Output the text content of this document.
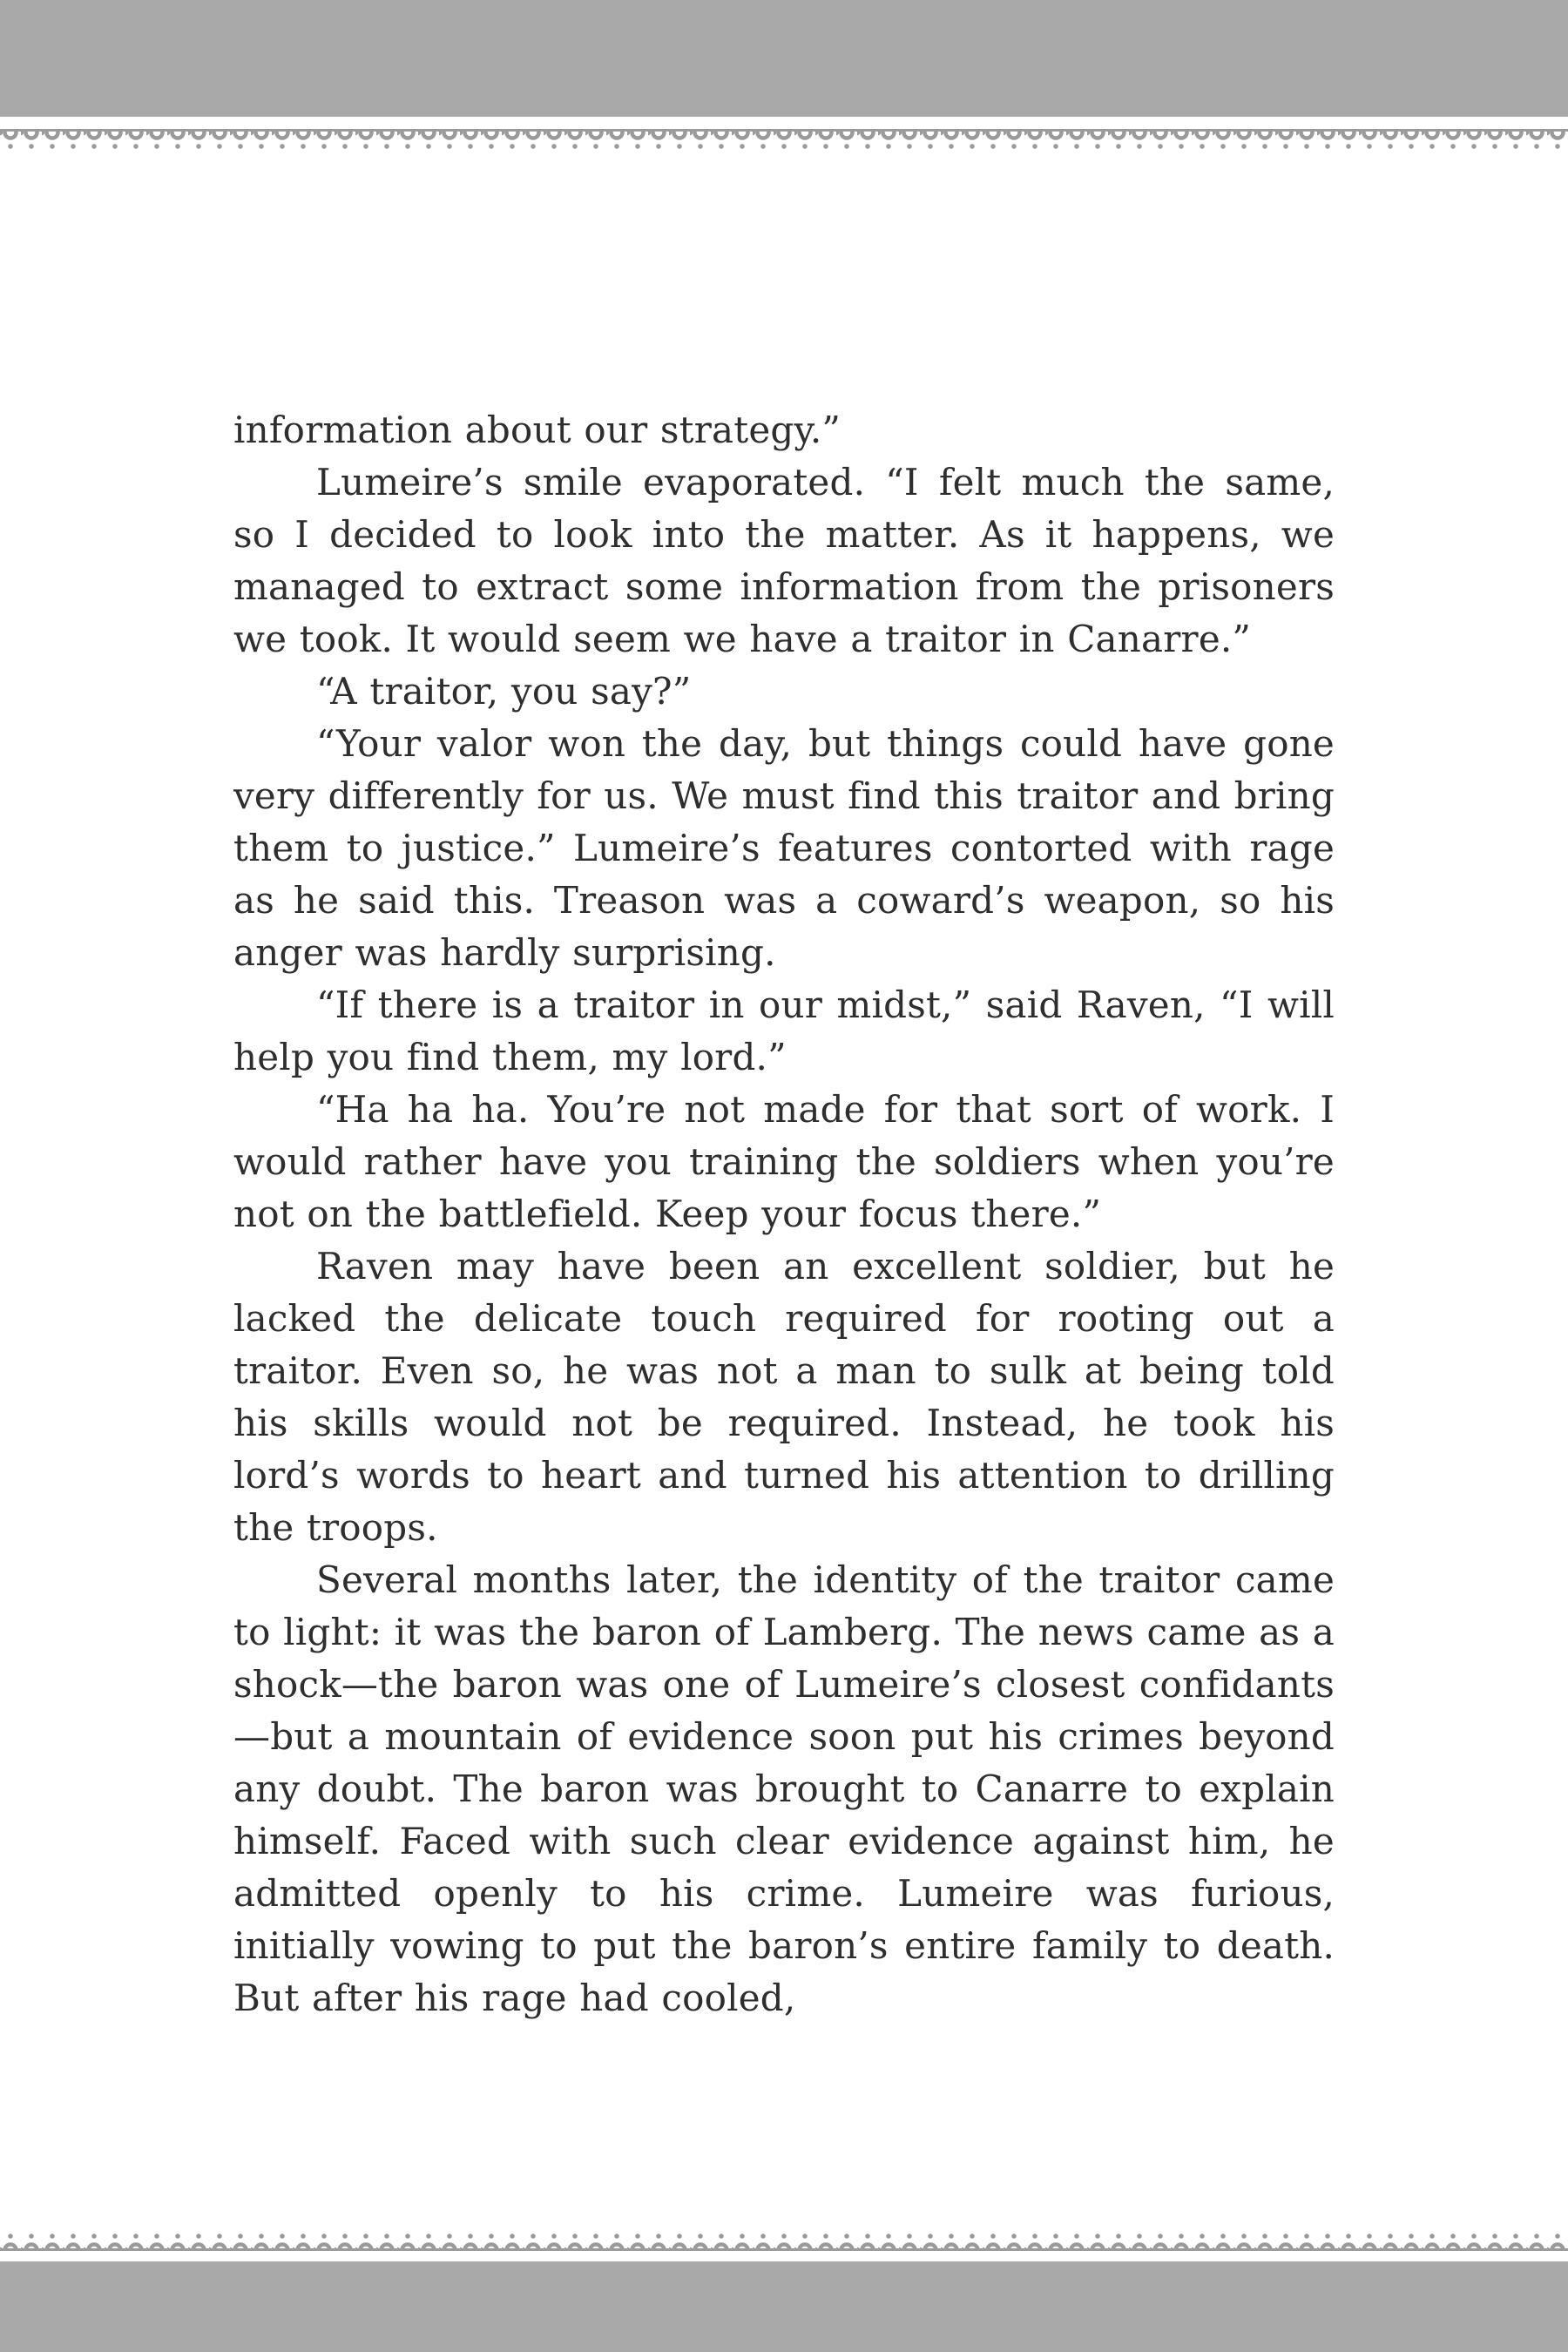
information about our strategy.”

Lumeire’s smile evaporated. “I felt much the same, so I decided to look into the matter. As it happens, we managed to extract some information from the prisoners we took. It would seem we have a traitor in Canarre.”

“A traitor, you say?”

“Your valor won the day, but things could have gone very differently for us. We must find this traitor and bring them to justice.” Lumeire’s features contorted with rage as he said this. Treason was a coward’s weapon, so his anger was hardly surprising.

“If there is a traitor in our midst,” said Raven, “I will help you find them, my lord.”

“Ha ha ha. You’re not made for that sort of work. I would rather have you training the soldiers when you’re not on the battlefield. Keep your focus there.”

Raven may have been an excellent soldier, but he lacked the delicate touch required for rooting out a traitor. Even so, he was not a man to sulk at being told his skills would not be required. Instead, he took his lord’s words to heart and turned his attention to drilling the troops.

Several months later, the identity of the traitor came to light: it was the baron of Lamberg. The news came as a shock—the baron was one of Lumeire’s closest confidants—but a mountain of evidence soon put his crimes beyond any doubt. The baron was brought to Canarre to explain himself. Faced with such clear evidence against him, he admitted openly to his crime. Lumeire was furious, initially vowing to put the baron’s entire family to death. But after his rage had cooled,
